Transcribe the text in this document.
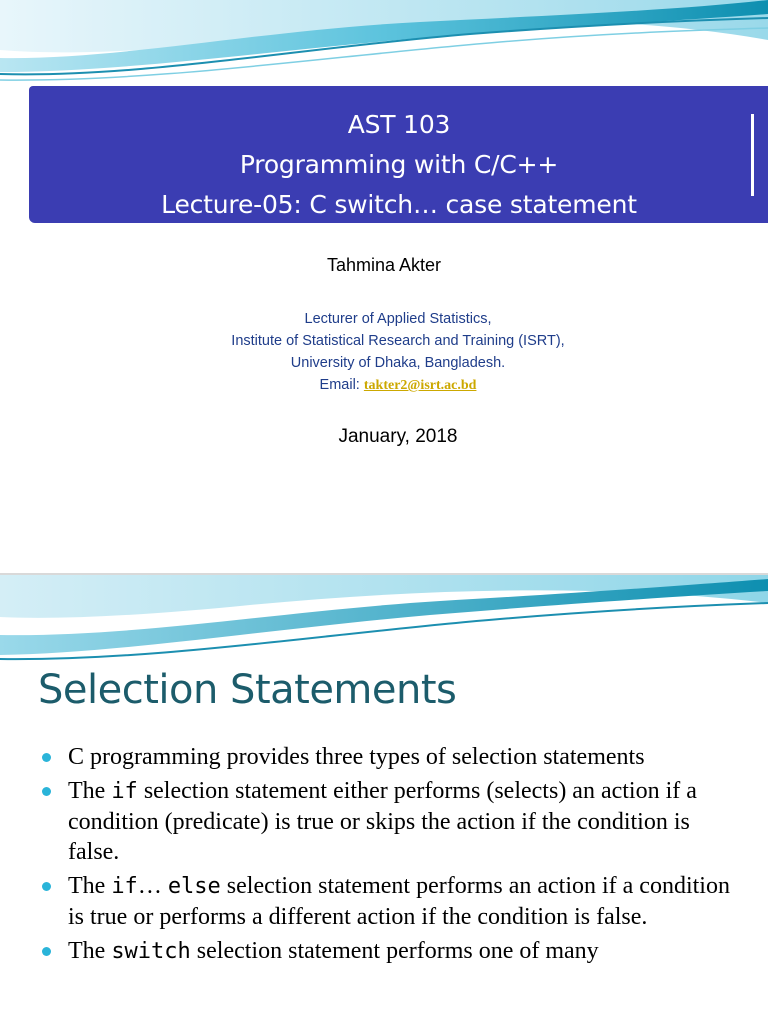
AST 103
Programming with C/C++
Lecture-05: C switch… case statement
Tahmina Akter
Lecturer of Applied Statistics,
Institute of Statistical Research and Training (ISRT),
University of Dhaka, Bangladesh.
Email: takter2@isrt.ac.bd
January, 2018
Selection Statements
C programming provides three types of selection statements
The if selection statement either performs (selects) an action if a condition (predicate) is true or skips the action if the condition is false.
The if… else selection statement performs an action if a condition is true or performs a different action if the condition is false.
The switch selection statement performs one of many
